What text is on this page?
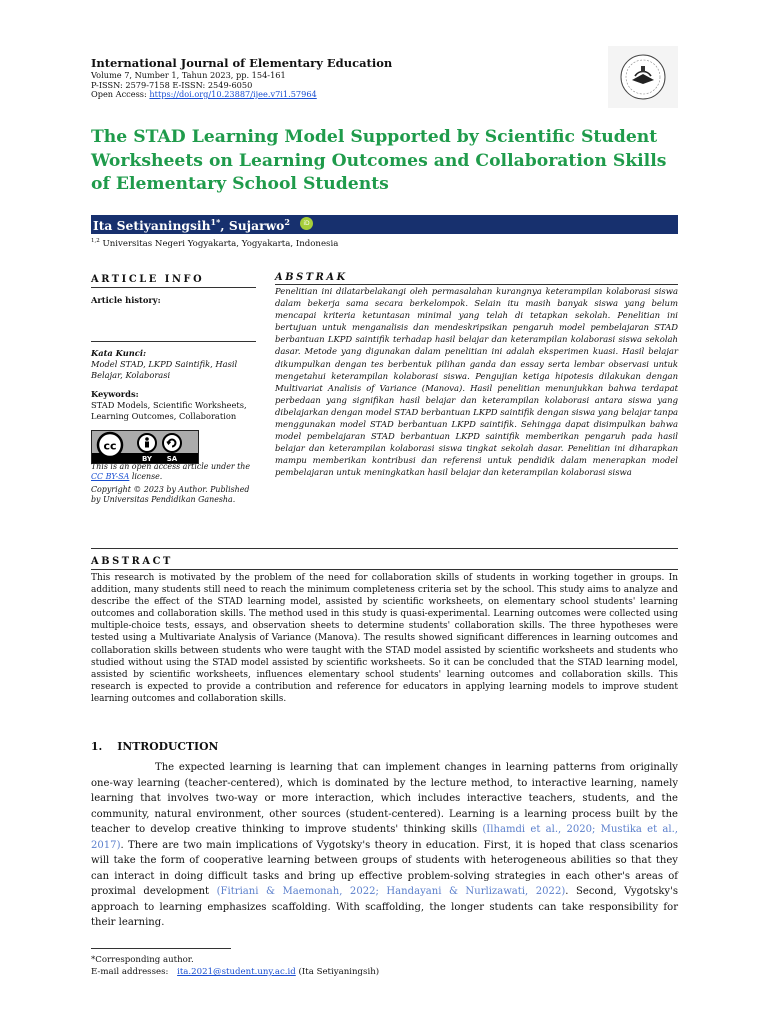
International Journal of Elementary Education
Volume 7, Number 1, Tahun 2023, pp. 154-161
P-ISSN: 2579-7158 E-ISSN: 2549-6050
Open Access: https://doi.org/10.23887/ijee.v7i1.57964
The STAD Learning Model Supported by Scientific Student Worksheets on Learning Outcomes and Collaboration Skills of Elementary School Students
Ita Setiyaningsih$^{1*}$, Sujarwo$^2$	iD
$^{1,2}$ Universitas Negeri Yogyakarta, Yogyakarta, Indonesia
ARTICLE INFO
Article history:
Kata Kunci:
Model STAD, LKPD Saintifik, Hasil Belajar, Kolaborasi
Keywords:
STAD Models, Scientific Worksheets, Learning Outcomes, Collaboration
cc
BY SA
This is an open access article under the CC BY-SA license.
Copyright © 2023 by Author. Published by Universitas Pendidikan Ganesha.
ABSTRAK
Penelitian ini dilatarbelakangi oleh permasalahan kurangnya keterampilan kolaborasi siswa dalam bekerja sama secara berkelompok. Selain itu masih banyak siswa yang belum mencapai kriteria ketuntasan minimal yang telah di tetapkan sekolah. Penelitian ini bertujuan untuk menganalisis dan mendeskripsikan pengaruh model pembelajaran STAD berbantuan LKPD saintifik terhadap hasil belajar dan keterampilan kolaborasi siswa sekolah dasar. Metode yang digunakan dalam penelitian ini adalah eksperimen kuasi. Hasil belajar dikumpulkan dengan tes berbentuk pilihan ganda dan essay serta lembar observasi untuk mengetahui keterampilan kolaborasi siswa. Pengujian ketiga hipotesis dilakukan dengan Multivariat Analisis of Variance (Manova). Hasil penelitian menunjukkan bahwa terdapat perbedaan yang signifikan hasil belajar dan keterampilan kolaborasi antara siswa yang dibelajarkan dengan model STAD berbantuan LKPD saintifik dengan siswa yang belajar tanpa menggunakan model STAD berbantuan LKPD saintifik. Sehingga dapat disimpulkan bahwa model pembelajaran STAD berbantuan LKPD saintifik memberikan pengaruh pada hasil belajar dan keterampilan kolaborasi siswa tingkat sekolah dasar. Penelitian ini diharapkan mampu memberikan kontribusi dan referensi untuk pendidik dalam menerapkan model pembelajaran untuk meningkatkan hasil belajar dan keterampilan kolaborasi siswa
ABSTRACT
This research is motivated by the problem of the need for collaboration skills of students in working together in groups. In addition, many students still need to reach the minimum completeness criteria set by the school. This study aims to analyze and describe the effect of the STAD learning model, assisted by scientific worksheets, on elementary school students' learning outcomes and collaboration skills. The method used in this study is quasi-experimental. Learning outcomes were collected using multiple-choice tests, essays, and observation sheets to determine students' collaboration skills. The three hypotheses were tested using a Multivariate Analysis of Variance (Manova). The results showed significant differences in learning outcomes and collaboration skills between students who were taught with the STAD model assisted by scientific worksheets and students who studied without using the STAD model assisted by scientific worksheets. So it can be concluded that the STAD learning model, assisted by scientific worksheets, influences elementary school students' learning outcomes and collaboration skills. This research is expected to provide a contribution and reference for educators in applying learning models to improve student learning outcomes and collaboration skills.
1.    INTRODUCTION
The expected learning is learning that can implement changes in learning patterns from originally one-way learning (teacher-centered), which is dominated by the lecture method, to interactive learning, namely learning that involves two-way or more interaction, which includes interactive teachers, students, and the community, natural environment, other sources (student-centered). Learning is a learning process built by the teacher to develop creative thinking to improve students' thinking skills (Ilhamdi et al., 2020; Mustika et al., 2017). There are two main implications of Vygotsky's theory in education. First, it is hoped that class scenarios will take the form of cooperative learning between groups of students with heterogeneous abilities so that they can interact in doing difficult tasks and bring up effective problem-solving strategies in each other's areas of proximal development (Fitriani & Maemonah, 2022; Handayani & Nurlizawati, 2022). Second, Vygotsky's approach to learning emphasizes scaffolding. With scaffolding, the longer students can take responsibility for their learning.
*Corresponding author.
E-mail addresses: ita.2021@student.uny.ac.id (Ita Setiyaningsih)
